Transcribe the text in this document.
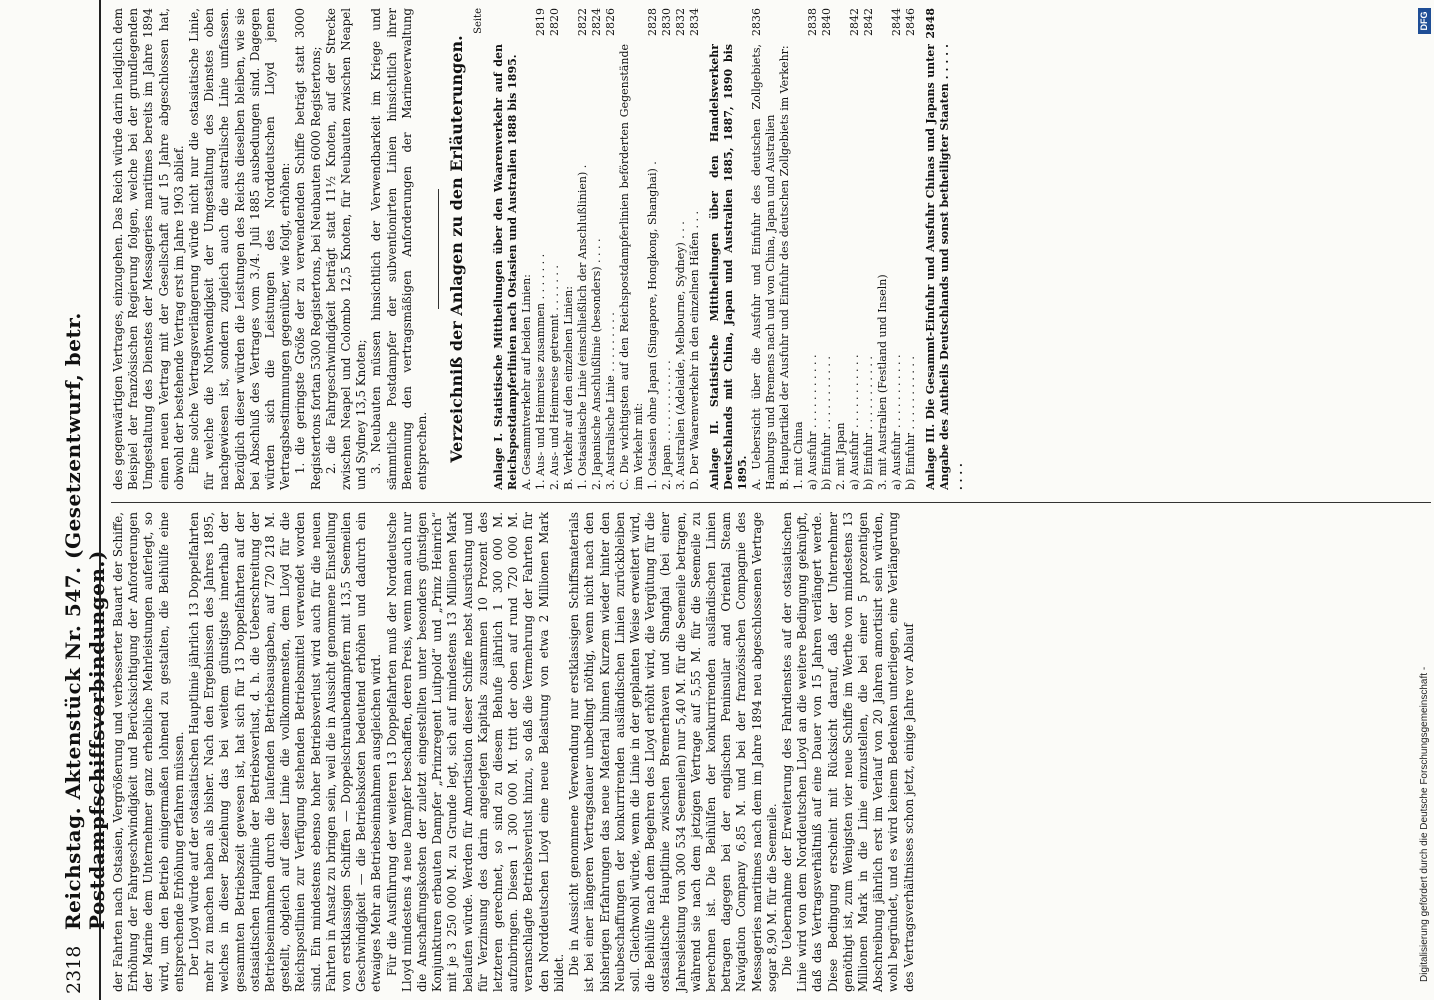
2318
Reichstag. Aktenstück Nr. 547. (Gesetzentwurf, betr. Postdampfschiffsverbindungen.) der Fahrten nach Ostasien, Vergrößerung und verbesserter Bauart der Schiffe, Erhöhung der Fahrgeschwindigkeit und Berücksichtigung der Anforderungen der Marine dem Unternehmer ganz erhebliche Mehrleistungen auferlegt, so wird, um den Betrieb einigermaßen lohnend zu gestalten, die Beihülfe eine entsprechende Erhöhung erfahren müssen. Der Lloyd würde auf der ostasiatischen Hauptlinie jährlich 13 Doppelfahrten mehr zu machen haben als bisher. Nach den Ergebnissen des Jahres 1895, welches in dieser Beziehung das bei weitem günstigste innerhalb der gesammten Betriebszeit gewesen ist, hat sich für 13 Doppelfahrten auf der ostasiatischen Hauptlinie der Betriebsverlust, d. h. die Ueberschreitung der Betriebseinnahmen durch die laufenden Betriebsausgaben, auf 720 218 M. gestellt, obgleich auf dieser Linie die vollkommensten, dem Lloyd für die Reichspostlinien zur Verfügung stehenden Betriebsmittel verwendet worden sind. Ein mindestens ebenso hoher Betriebsverlust wird auch für die neuen Fahrten in Ansatz zu bringen sein, weil die in Aussicht genommene Einstellung von erstklassigen Schiffen — Doppelschraubendampfern mit 13,5 Seemeilen Geschwindigkeit — die Betriebskosten bedeutend erhöhen und dadurch ein etwaiges Mehr an Betriebseinnahmen ausgleichen wird. Für die Ausführung der weiteren 13 Doppelfahrten muß der Norddeutsche Lloyd mindestens 4 neue Dampfer beschaffen, deren Preis, wenn man auch nur die Anschaffungskosten der zuletzt eingestellten unter besonders günstigen Konjunkturen erbauten Dampfer „Prinzregent Luitpold“ und „Prinz Heinrich“ mit je 3 250 000 M. zu Grunde legt, sich auf mindestens 13 Millionen Mark belaufen würde. Werden für Amortisation dieser Schiffe nebst Ausrüstung und für Verzinsung des darin angelegten Kapitals zusammen 10 Prozent des letzteren gerechnet, so sind zu diesem Behufe jährlich 1 300 000 M. aufzubringen. Diesen 1 300 000 M. tritt der oben auf rund 720 000 M. veranschlagte Betriebsverlust hinzu, so daß die Vermehrung der Fahrten für den Norddeutschen Lloyd eine neue Belastung von etwa 2 Millionen Mark bildet. Die in Aussicht genommene Verwendung nur erstklassigen Schiffsmaterials ist bei einer längeren Vertragsdauer unbedingt nöthig, wenn nicht nach den bisherigen Erfahrungen das neue Material binnen Kurzem wieder hinter den Neubeschaffungen der konkurrirenden ausländischen Linien zurückbleiben soll. Gleichwohl würde, wenn die Linie in der geplanten Weise erweitert wird, die Beihülfe nach dem Begehren des Lloyd erhöht wird, die Vergütung für die ostasiatische Hauptlinie zwischen Bremerhaven und Shanghai (bei einer Jahresleistung von 300 534 Seemeilen) nur 5,40 M. für die Seemeile betragen, während sie nach dem jetzigen Vertrage auf 5,55 M. für die Seemeile zu berechnen ist. Die Beihülfen der konkurrirenden ausländischen Linien betragen dagegen bei der englischen Peninsular and Oriental Steam Navigation Company 6,85 M. und bei der französischen Compagnie des Messageries maritimes nach dem im Jahre 1894 neu abgeschlossenen Vertrage sogar 8,90 M. für die Seemeile. Die Uebernahme der Erweiterung des Fahrdienstes auf der ostasiatischen Linie wird von dem Norddeutschen Lloyd an die weitere Bedingung geknüpft, daß das Vertragsverhältniß auf eine Dauer von 15 Jahren verlängert werde. Diese Bedingung erscheint mit Rücksicht darauf, daß der Unternehmer genöthigt ist, zum Wenigsten vier neue Schiffe im Werthe von mindestens 13 Millionen Mark in die Linie einzustellen, die bei einer 5 prozentigen Abschreibung jährlich erst im Verlauf von 20 Jahren amortisirt sein würden, wohl begründet, und es wird keinem Bedenken unterliegen, eine Verlängerung des Vertragsverhältnisses schon jetzt, einige Jahre vor Ablauf

des gegenwärtigen Vertrages, einzugehen. Das Reich würde darin lediglich dem Beispiel der französischen Regierung folgen, welche bei der grundlegenden Umgestaltung des Dienstes der Messageries maritimes bereits im Jahre 1894 einen neuen Vertrag mit der Gesellschaft auf 15 Jahre abgeschlossen hat, obwohl der bestehende Vertrag erst im Jahre 1903 ablief. Eine solche Vertragsverlängerung würde nicht nur die ostasiatische Linie, für welche die Nothwendigkeit der Umgestaltung des Dienstes oben nachgewiesen ist, sondern zugleich auch die australische Linie umfassen. Bezüglich dieser würden die Leistungen des Reichs dieselben bleiben, wie sie bei Abschluß des Vertrages vom 3./4. Juli 1885 ausbedungen sind. Dagegen würden sich die Leistungen des Norddeutschen Lloyd jenen Vertragsbestimmungen gegenüber, wie folgt, erhöhen: 1. die geringste Größe der zu verwendenden Schiffe beträgt statt 3000 Registertons fortan 5300 Registertons, bei Neubauten 6000 Registertons; 2. die Fahrgeschwindigkeit beträgt statt 11½ Knoten, auf der Strecke zwischen Neapel und Colombo 12,5 Knoten, für Neubauten zwischen Neapel und Sydney 13,5 Knoten; 3. Neubauten müssen hinsichtlich der Verwendbarkeit im Kriege und sämmtliche Postdampfer der subventionirten Linien hinsichtlich ihrer Benennung den vertragsmäßigen Anforderungen der Marineverwaltung entsprechen. Verzeichniß der Anlagen zu den Erläuterungen.
Seite
Anlage I. Statistische Mittheilungen über den Waarenverkehr auf den Reichspostdampferlinien nach Ostasien und Australien 1888 bis 1895. A. Gesammtverkehr auf beiden Linien: 1. Aus- und Heimreise zusammen . . . . . . .
2819
2. Aus- und Heimreise getrennt . . . . . . .
2820
B. Verkehr auf den einzelnen Linien: 1. Ostasiatische Linie (einschließlich der Anschlußlinien) .
2822
2. Japanische Anschlußlinie (besonders) . . . .
2824
3. Australische Linie . . . . . . . . .
2826
C. Die wichtigsten auf den Reichspostdampferlinien beförderten Gegenstände im Verkehr mit: 1. Ostasien ohne Japan (Singapore, Hongkong, Shanghai) .
2828
2. Japan . . . . . . . . . . . .
2830
3. Australien (Adelaide, Melbourne, Sydney) . . .
2832
D. Der Waarenverkehr in den einzelnen Häfen . . .
2834
Anlage II. Statistische Mittheilungen über den Handelsverkehr Deutschlands mit China, Japan und Australien 1885, 1887, 1890 bis 1895. A. Uebersicht über die Ausfuhr und Einfuhr des deutschen Zollgebiets, Hamburgs und Bremens nach und von China, Japan und Australien
2836
B. Hauptartikel der Ausfuhr und Einfuhr des deutschen Zollgebiets im Verkehr: 1. mit China a) Ausfuhr . . . . . . . . . . .
2838
b) Einfuhr . . . . . . . . . . .
2840
2. mit Japan a) Ausfuhr . . . . . . . . . . .
2842
b) Einfuhr . . . . . . . . . . .
2842
3. mit Australien (Festland und Inseln) a) Ausfuhr . . . . . . . . . . .
2844
b) Einfuhr . . . . . . . . . . .
2846
Anlage III. Die Gesammt-Einfuhr und Ausfuhr Chinas und Japans unter Angabe des Antheils Deutschlands und sonst betheiligter Staaten . . . . . . . . .
2848
Digitalisierung gefördert durch die Deutsche Forschungsgemeinschaft -
DFG
